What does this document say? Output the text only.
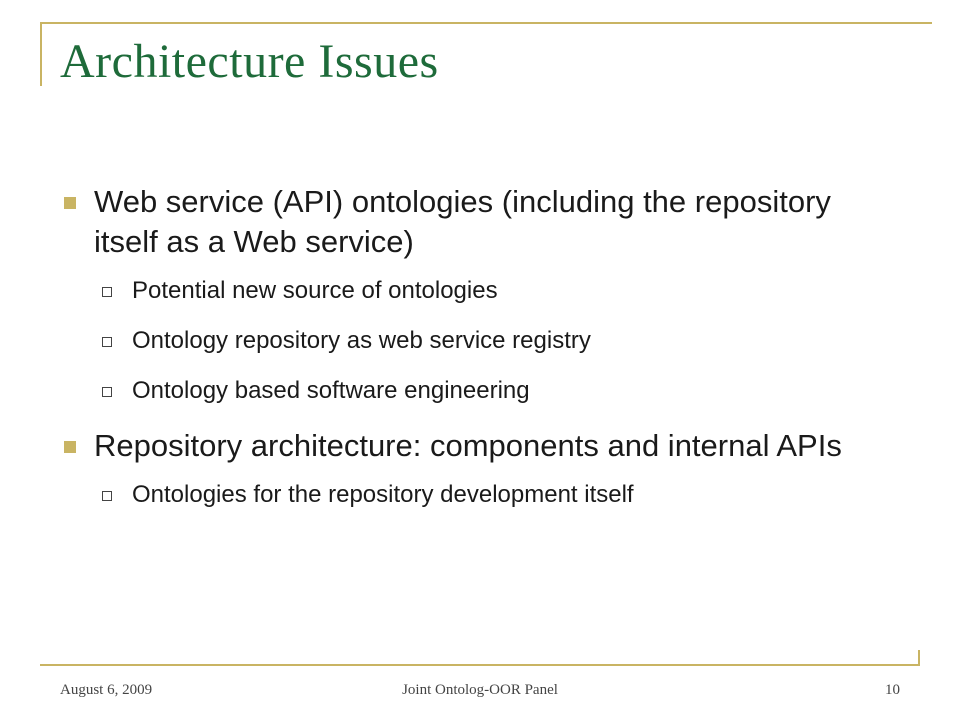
Architecture Issues
Web service (API) ontologies (including the repository itself as a Web service)
Potential new source of ontologies
Ontology repository as web service registry
Ontology based software engineering
Repository architecture: components and internal APIs
Ontologies for the repository development itself
August 6, 2009	Joint Ontolog-OOR Panel	10
